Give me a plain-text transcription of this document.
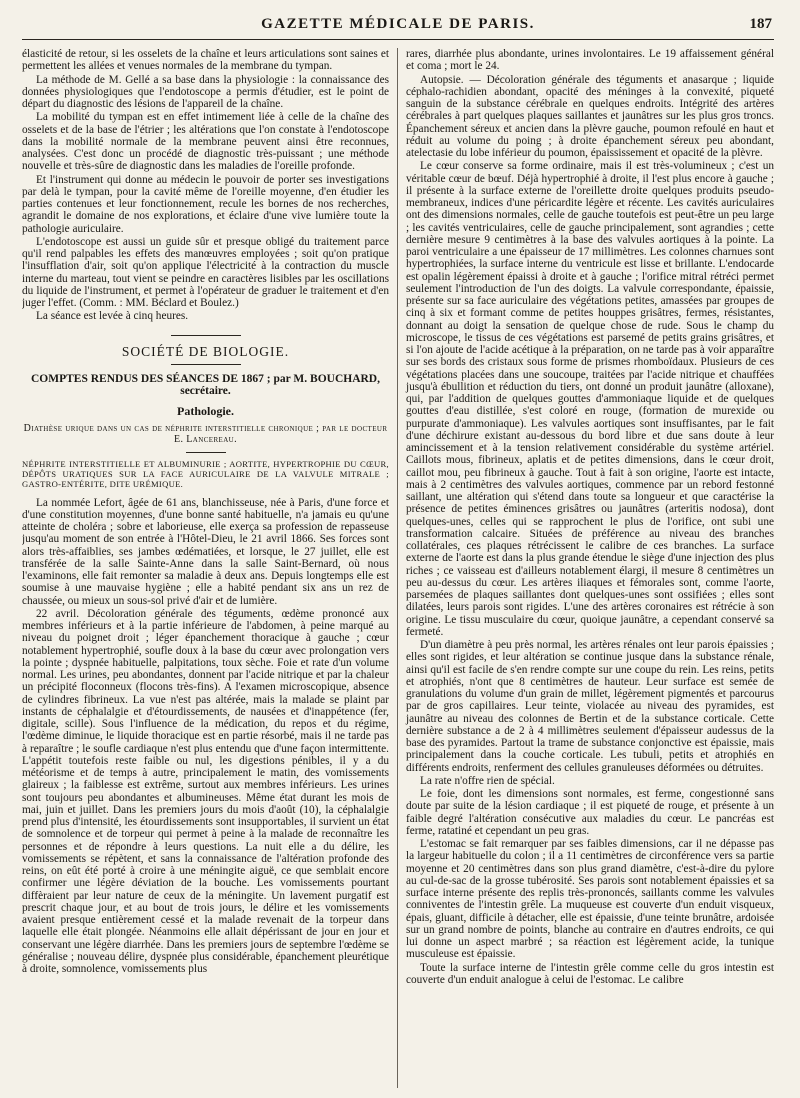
GAZETTE MÉDICALE DE PARIS.	187

élasticité de retour, si les osselets de la chaîne et leurs articulations sont saines et permettent les allées et venues normales de la membrane du tympan.

La méthode de M. Gellé a sa base dans la physiologie : la connaissance des données physiologiques que l'endotoscope a permis d'étudier, est le point de départ du diagnostic des lésions de l'appareil de la chaîne.

La mobilité du tympan est en effet intimement liée à celle de la chaîne des osselets et de la base de l'étrier ; les altérations que l'on constate à l'endotoscope dans la mobilité normale de la membrane peuvent ainsi être reconnues, analysées. C'est donc un procédé de diagnostic très-puissant ; une méthode nouvelle et très-sûre de diagnostic dans les maladies de l'oreille profonde.

Et l'instrument qui donne au médecin le pouvoir de porter ses investigations par delà le tympan, pour la cavité même de l'oreille moyenne, d'en étudier les parties contenues et leur fonctionnement, recule les bornes de nos recherches, agrandit le domaine de nos explorations, et éclaire d'une vive lumière toute la pathologie auriculaire.

L'endotoscope est aussi un guide sûr et presque obligé du traitement parce qu'il rend palpables les effets des manœuvres employées ; soit qu'on pratique l'insufflation d'air, soit qu'on applique l'électricité à la contraction du muscle interne du marteau, tout vient se peindre en caractères lisibles par les oscillations du liquide de l'instrument, et permet à l'opérateur de graduer le traitement et d'en juger l'effet. (Comm. : MM. Béclard et Boulez.)

La séance est levée à cinq heures.

SOCIÉTÉ DE BIOLOGIE.
COMPTES RENDUS DES SÉANCES DE 1867 ; par M. BOUCHARD, secrétaire.
Pathologie.
Diathèse urique dans un cas de néphrite interstitielle chronique ; par le docteur E. Lancereau.
NÉPHRITE INTERSTITIELLE ET ALBUMINURIE ; AORTITE, HYPERTROPHIE DU CŒUR, DÉPÔTS URATIQUES SUR LA FACE AURICULAIRE DE LA VALVULE MITRALE ; GASTRO-ENTÉRITE, DITE URÉMIQUE.

La nommée Lefort, âgée de 61 ans, blanchisseuse, née à Paris, d'une force et d'une constitution moyennes, d'une bonne santé habituelle, n'a jamais eu qu'une atteinte de choléra ; sobre et laborieuse, elle exerça sa profession de repasseuse jusqu'au moment de son entrée à l'Hôtel-Dieu, le 21 avril 1866. Ses forces sont alors très-affaiblies, ses jambes œdématiées, et lorsque, le 27 juillet, elle est transférée de la salle Sainte-Anne dans la salle Saint-Bernard, où nous l'examinons, elle fait remonter sa maladie à deux ans. Depuis longtemps elle est soumise à une mauvaise hygiène ; elle a habité pendant six ans un rez de chaussée, ou mieux un sous-sol privé d'air et de lumière.

22 avril. Décoloration générale des téguments, œdème prononcé aux membres inférieurs et à la partie inférieure de l'abdomen, à peine marqué au niveau du poignet droit ; léger épanchement thoracique à gauche ; cœur notablement hypertrophié, soufle doux à la base du cœur avec prolongation vers la pointe ; dyspnée habituelle, palpitations, toux sèche. Foie et rate d'un volume normal. Les urines, peu abondantes, donnent par l'acide nitrique et par la chaleur un précipité floconneux (flocons très-fins). A l'examen microscopique, absence de cylindres fibrineux. La vue n'est pas altérée, mais la malade se plaint par instants de céphalalgie et d'étourdissements, de nausées et d'inappétence (fer, digitale, scille). Sous l'influence de la médication, du repos et du régime, l'œdème diminue, le liquide thoracique est en partie résorbé, mais il ne tarde pas à reparaître ; le soufle cardiaque n'est plus entendu que d'une façon intermittente. L'appétit toutefois reste faible ou nul, les digestions pénibles, il y a du météorisme et de temps à autre, principalement le matin, des vomissements glaireux ; la faiblesse est extrême, surtout aux membres inférieurs. Les urines sont toujours peu abondantes et albumineuses. Même état durant les mois de mai, juin et juillet. Dans les premiers jours du mois d'août (10), la céphalalgie prend plus d'intensité, les étourdissements sont insupportables, il survient un état de somnolence et de torpeur qui permet à peine à la malade de reconnaître les personnes et de répondre à leurs questions. La nuit elle a du délire, les vomissements se répètent, et sans la connaissance de l'altération profonde des reins, on eût été porté à croire à une méningite aiguë, ce que semblait encore confirmer une légère déviation de la bouche. Les vomissements pourtant diffèraient par leur nature de ceux de la méningite. Un lavement purgatif est prescrit chaque jour, et au bout de trois jours, le délire et les vomissements avaient presque entièrement cessé et la malade revenait de la torpeur dans laquelle elle était plongée. Néanmoins elle allait dépérissant de jour en jour et conservant une légère diarrhée. Dans les premiers jours de septembre l'œdème se généralise ; nouveau délire, dyspnée plus considérable, épanchement pleurétique à droite, somnolence, vomissements plus

rares, diarrhée plus abondante, urines involontaires. Le 19 affaissement général et coma ; mort le 24.

Autopsie. — Décoloration générale des téguments et anasarque ; liquide céphalo-rachidien abondant, opacité des méninges à la convexité, piqueté sanguin de la substance cérébrale en quelques endroits. Intégrité des artères cérébrales à part quelques plaques saillantes et jaunâtres sur les plus gros troncs. Épanchement séreux et ancien dans la plèvre gauche, poumon refoulé en haut et réduit au volume du poing ; à droite épanchement séreux peu abondant, atelectasie du lobe inférieur du poumon, épaississement et opacité de la plèvre.

Le cœur conserve sa forme ordinaire, mais il est très-volumineux ; c'est un véritable cœur de bœuf. Déjà hypertrophié à droite, il l'est plus encore à gauche ; il présente à la surface externe de l'oreillette droite quelques produits pseudo-membraneux, indices d'une péricardite légère et récente. Les cavités auriculaires ont des dimensions normales, celle de gauche toutefois est peut-être un peu large ; les cavités ventriculaires, celle de gauche principalement, sont agrandies ; cette dernière mesure 9 centimètres à la base des valvules aortiques à la pointe. La paroi ventriculaire a une épaisseur de 17 millimètres. Les colonnes charnues sont hypertrophiées, la surface interne du ventricule est lisse et brillante. L'endocarde est opalin légèrement épaissi à droite et à gauche ; l'orifice mitral rétréci permet seulement l'introduction de l'un des doigts. La valvule correspondante, épaissie, présente sur sa face auriculaire des végétations petites, amassées par groupes de cinq à six et formant comme de petites houppes grisâtres, fermes, résistantes, donnant au doigt la sensation de quelque chose de rude. Sous le champ du microscope, le tissus de ces végétations est parsemé de petits grains grisâtres, et si l'on ajoute de l'acide acétique à la préparation, on ne tarde pas à voir apparaître sur ses bords des cristaux sous forme de prismes rhomboïdaux. Plusieurs de ces végétations placées dans une soucoupe, traitées par l'acide nitrique et chauffées jusqu'à ébullition et réduction du tiers, ont donné un produit jaunâtre (alloxane), qui, par l'addition de quelques gouttes d'ammoniaque liquide et de quelques gouttes d'eau distillée, s'est coloré en rouge, (formation de murexide ou purpurate d'ammoniaque). Les valvules aortiques sont insuffisantes, par le fait d'une déchirure existant au-dessous du bord libre et due sans doute à leur amincissement et à la tension relativement considérable du système artériel. Caillots mous, fibrineux, aplatis et de petites dimensions, dans le cœur droit, caillot mou, peu fibrineux à gauche. Tout à fait à son origine, l'aorte est intacte, mais à 2 centimètres des valvules aortiques, commence par un rebord festonné saillant, une altération qui s'étend dans toute sa longueur et que caractérise la présence de petites éminences grisâtres ou jaunâtres (arteritis nodosa), dont quelques-unes, celles qui se rapprochent le plus de l'orifice, ont subi une transformation calcaire. Situées de préférence au niveau des branches collatérales, ces plaques rétrécissent le calibre de ces branches. La surface externe de l'aorte est dans la plus grande étendue le siège d'une injection des plus riches ; ce vaisseau est d'ailleurs notablement élargi, il mesure 8 centimètres un peu au-dessus du cœur. Les artères iliaques et fémorales sont, comme l'aorte, parsemées de plaques saillantes dont quelques-unes sont ossifiées ; elles sont dilatées, leurs parois sont rigides. L'une des artères coronaires est rétrécie à son origine. Le tissu musculaire du cœur, quoique jaunâtre, a cependant conservé sa fermeté.

D'un diamètre à peu près normal, les artères rénales ont leur parois épaissies ; elles sont rigides, et leur altération se continue jusque dans la substance rénale, ainsi qu'il est facile de s'en rendre compte sur une coupe du rein. Les reins, petits et atrophiés, n'ont que 8 centimètres de hauteur. Leur surface est semée de granulations du volume d'un grain de millet, légèrement pigmentés et parcourus par de gros capillaires. Leur teinte, violacée au niveau des pyramides, est jaunâtre au niveau des colonnes de Bertin et de la substance corticale. Cette dernière substance a de 2 à 4 millimètres seulement d'épaisseur audessus de la base des pyramides. Partout la trame de substance conjonctive est épaissie, mais principalement dans la couche corticale. Les tubuli, petits et atrophiés en différents endroits, renferment des cellules granuleuses déformées ou détruites.

La rate n'offre rien de spécial.

Le foie, dont les dimensions sont normales, est ferme, congestionné sans doute par suite de la lésion cardiaque ; il est piqueté de rouge, et présente à un faible degré l'altération consécutive aux maladies du cœur. Le pancréas est ferme, ratatiné et cependant un peu gras.

L'estomac se fait remarquer par ses faibles dimensions, car il ne dépasse pas la largeur habituelle du colon ; il a 11 centimètres de circonférence vers sa partie moyenne et 20 centimètres dans son plus grand diamètre, c'est-à-dire du pylore au cul-de-sac de la grosse tubérosité. Ses parois sont notablement épaissies et sa surface interne présente des replis très-prononcés, saillants comme les valvules conniventes de l'intestin grêle. La muqueuse est couverte d'un enduit visqueux, épais, gluant, difficile à détacher, elle est épaissie, d'une teinte brunâtre, ardoisée sur un grand nombre de points, blanche au contraire en d'autres endroits, ce qui lui donne un aspect marbré ; sa réaction est légèrement acide, la tunique musculeuse est épaissie.

Toute la surface interne de l'intestin grêle comme celle du gros intestin est couverte d'un enduit analogue à celui de l'estomac. Le calibre
